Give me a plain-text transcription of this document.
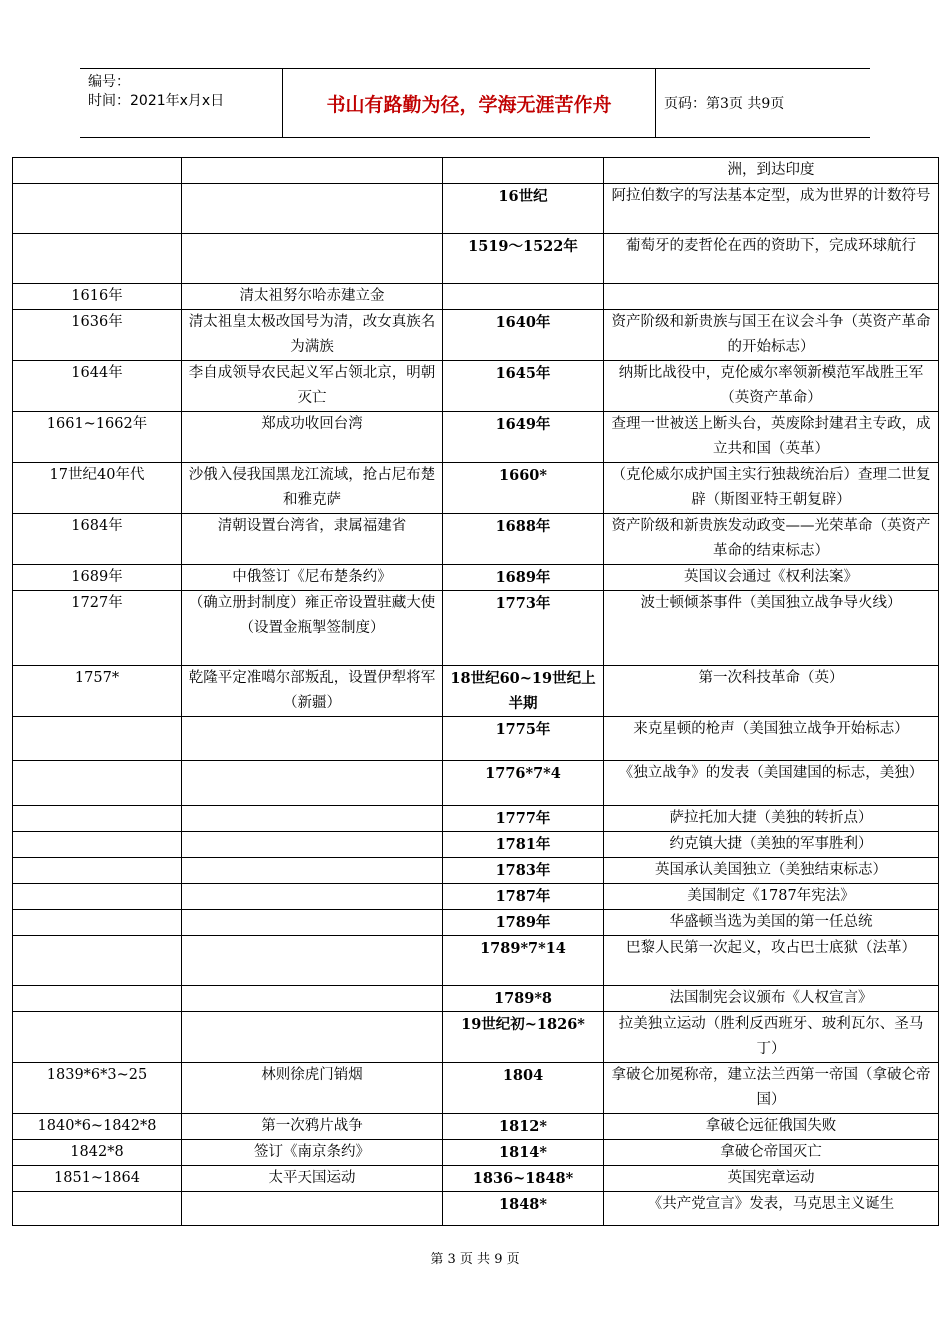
编号：
时间：2021年x月x日	书山有路勤为径，学海无涯苦作舟	页码：第3页 共9页
			洲，到达印度
		16世纪	阿拉伯数字的写法基本定型，成为世界的计数符号
		1519～1522年	葡萄牙的麦哲伦在西的资助下，完成环球航行
1616年	清太祖努尔哈赤建立金		
1636年	清太祖皇太极改国号为清，改女真族名为满族	1640年	资产阶级和新贵族与国王在议会斗争（英资产革命的开始标志）
1644年	李自成领导农民起义军占领北京，明朝灭亡	1645年	纳斯比战役中，克伦威尔率领新模范军战胜王军（英资产革命）
1661~1662年	郑成功收回台湾	1649年	查理一世被送上断头台，英废除封建君主专政，成立共和国（英革）
17世纪40年代	沙俄入侵我国黑龙江流域，抢占尼布楚和雅克萨	1660*	（克伦威尔成护国主实行独裁统治后）查理二世复辟（斯图亚特王朝复辟）
1684年	清朝设置台湾省，隶属福建省	1688年	资产阶级和新贵族发动政变——光荣革命（英资产革命的结束标志）
1689年	中俄签订《尼布楚条约》	1689年	英国议会通过《权利法案》
1727年	（确立册封制度）雍正帝设置驻藏大使（设置金瓶掣签制度）	1773年	波士顿倾茶事件（美国独立战争导火线）
1757*	乾隆平定准噶尔部叛乱，设置伊犁将军（新疆）	18世纪60~19世纪上半期	第一次科技革命（英）
		1775年	来克星顿的枪声（美国独立战争开始标志）
		1776*7*4	《独立战争》的发表（美国建国的标志，美独）
		1777年	萨拉托加大捷（美独的转折点）
		1781年	约克镇大捷（美独的军事胜利）
		1783年	英国承认美国独立（美独结束标志）
		1787年	美国制定《1787年宪法》
		1789年	华盛顿当选为美国的第一任总统
		1789*7*14	巴黎人民第一次起义，攻占巴士底狱（法革）
		1789*8	法国制宪会议颁布《人权宣言》
		19世纪初~1826*	拉美独立运动（胜利反西班牙、玻利瓦尔、圣马丁）
1839*6*3~25	林则徐虎门销烟	1804	拿破仑加冕称帝，建立法兰西第一帝国（拿破仑帝国）
1840*6~1842*8	第一次鸦片战争	1812*	拿破仑远征俄国失败
1842*8	签订《南京条约》	1814*	拿破仑帝国灭亡
1851~1864	太平天国运动	1836~1848*	英国宪章运动
		1848*	《共产党宣言》发表，马克思主义诞生
第 3 页 共 9 页
